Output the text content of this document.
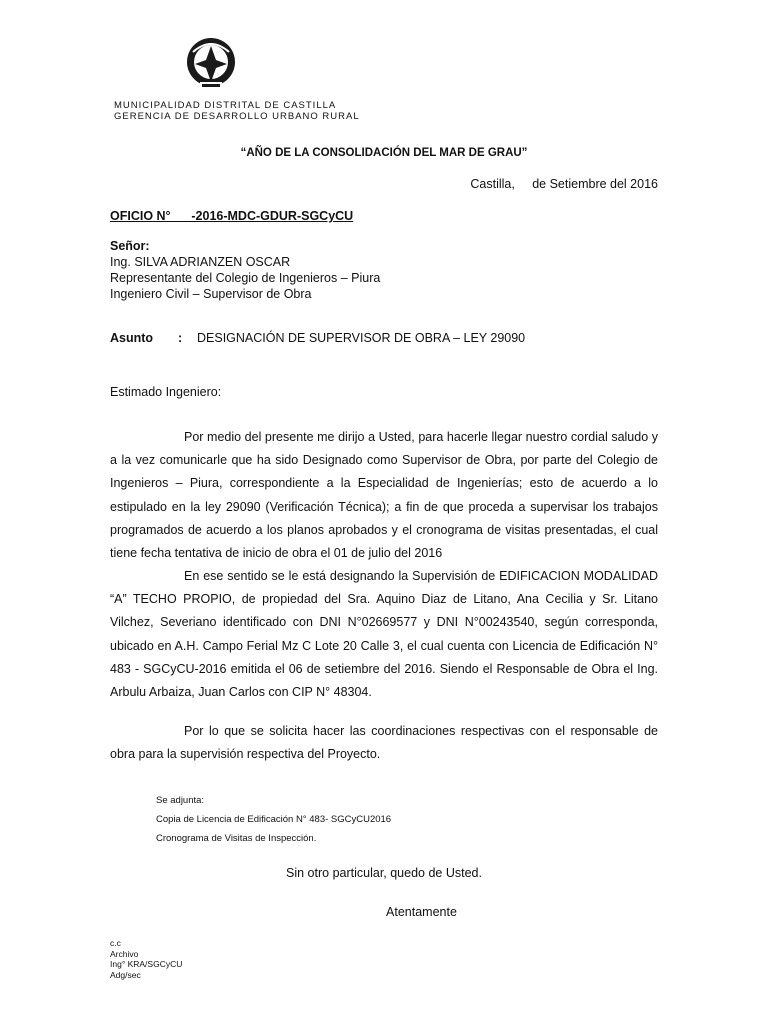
MUNICIPALIDAD DISTRITAL DE CASTILLA
GERENCIA DE DESARROLLO URBANO RURAL
“AÑO DE LA CONSOLIDACIÓN DEL MAR DE GRAU”
Castilla,     de Setiembre del 2016
OFICIO N°      -2016-MDC-GDUR-SGCyCU
Señor:
Ing. SILVA ADRIANZEN OSCAR
Representante del Colegio de Ingenieros – Piura
Ingeniero Civil – Supervisor de Obra
Asunto : DESIGNACIÓN DE SUPERVISOR DE OBRA – LEY 29090
Estimado Ingeniero:
Por medio del presente me dirijo a Usted, para hacerle llegar nuestro cordial saludo y a la vez comunicarle que ha sido Designado como Supervisor de Obra, por parte del Colegio de Ingenieros – Piura, correspondiente a la Especialidad de Ingenierías; esto de acuerdo a lo estipulado en la ley 29090 (Verificación Técnica); a fin de que proceda a supervisar los trabajos programados de acuerdo a los planos aprobados y el cronograma de visitas presentadas, el cual tiene fecha tentativa de inicio de obra el 01 de julio del 2016
En ese sentido se le está designando la Supervisión de EDIFICACION MODALIDAD “A” TECHO PROPIO, de propiedad del Sra. Aquino Diaz de Litano, Ana Cecilia y Sr. Litano Vilchez, Severiano identificado con DNI N°02669577 y DNI N°00243540, según corresponda, ubicado en A.H. Campo Ferial Mz C Lote 20 Calle 3, el cual cuenta con Licencia de Edificación N° 483 - SGCyCU-2016 emitida el 06 de setiembre del 2016. Siendo el Responsable de Obra el Ing. Arbulu Arbaiza, Juan Carlos con CIP N° 48304.
Por lo que se solicita hacer las coordinaciones respectivas con el responsable de obra para la supervisión respectiva del Proyecto.
Se adjunta:
Copia de Licencia de Edificación N° 483- SGCyCU2016
Cronograma de Visitas de Inspección.
Sin otro particular, quedo de Usted.
Atentamente
c.c
Archivo
Ing° KRA/SGCyCU
Adg/sec
